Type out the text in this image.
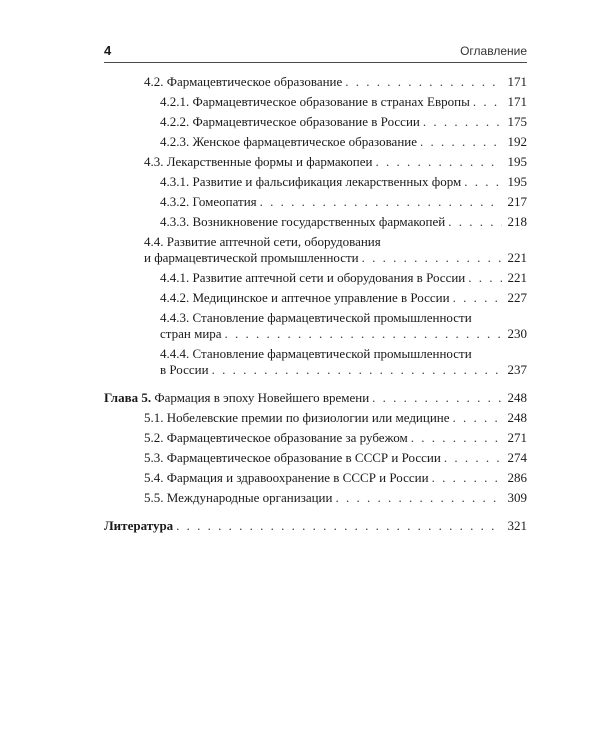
4	Оглавление
4.2. Фармацевтическое образование . . .	171
4.2.1. Фармацевтическое образование в странах Европы . . .	171
4.2.2. Фармацевтическое образование в России . . .	175
4.2.3. Женское фармацевтическое образование . . .	192
4.3. Лекарственные формы и фармакопеи . . .	195
4.3.1. Развитие и фальсификация лекарственных форм . . .	195
4.3.2. Гомеопатия . . .	217
4.3.3. Возникновение государственных фармакопей . . .	218
4.4. Развитие аптечной сети, оборудования
и фармацевтической промышленности . . .	221
4.4.1. Развитие аптечной сети и оборудования в России . . .	221
4.4.2. Медицинское и аптечное управление в России . . .	227
4.4.3. Становление фармацевтической промышленности
стран мира . . .	230
4.4.4. Становление фармацевтической промышленности
в России . . .	237
Глава 5. Фармация в эпоху Новейшего времени . . .	248
5.1. Нобелевские премии по физиологии или медицине . . .	248
5.2. Фармацевтическое образование за рубежом . . .	271
5.3. Фармацевтическое образование в СССР и России . . .	274
5.4. Фармация и здравоохранение в СССР и России . . .	286
5.5. Международные организации . . .	309
Литература . . .	321
